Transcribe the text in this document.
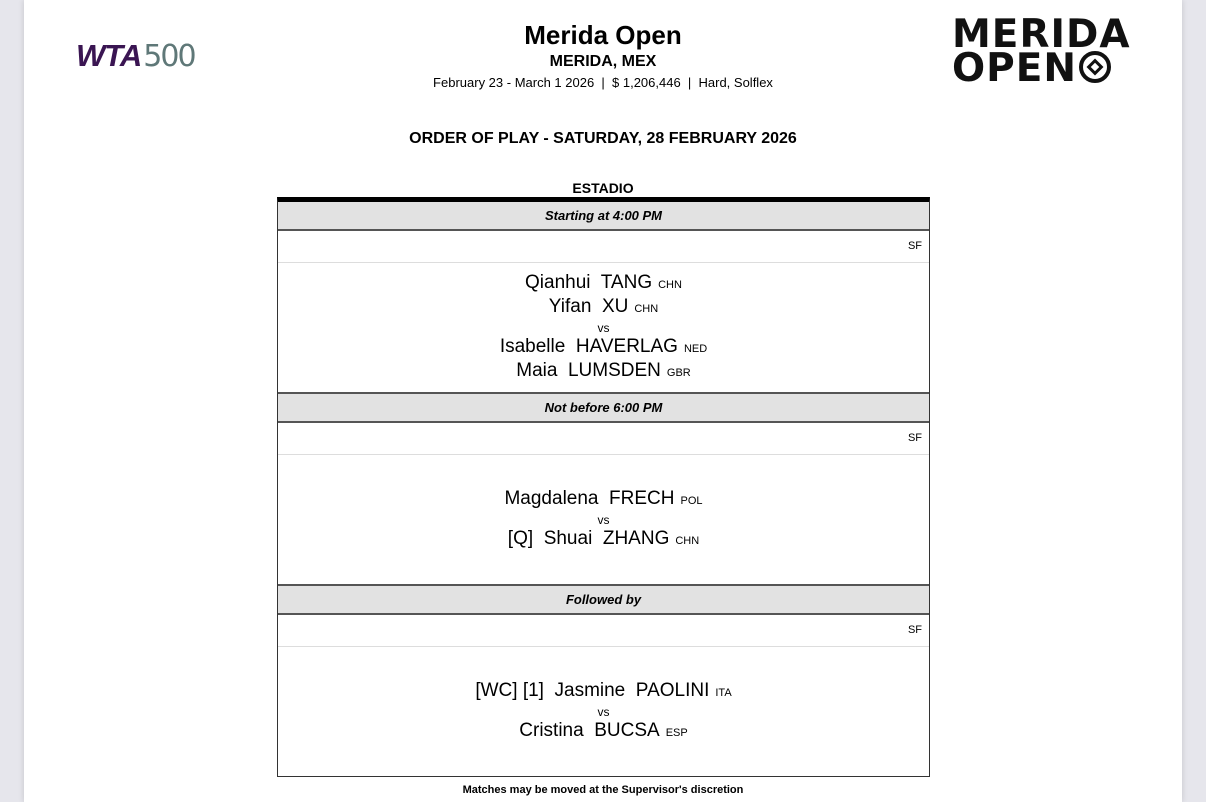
WTA500
Merida Open
MERIDA, MEX
February 23 - March 1 2026  |  $ 1,206,446  |  Hard, Solflex
MERIDA
OPEN
ORDER OF PLAY - SATURDAY, 28 FEBRUARY 2026
ESTADIO
Starting at 4:00 PM
SF
Qianhui  TANG CHN
Yifan  XU CHN
vs
Isabelle  HAVERLAG NED
Maia  LUMSDEN GBR
Not before 6:00 PM
SF
Magdalena  FRECH POL
vs
[Q]  Shuai  ZHANG CHN
Followed by
SF
[WC] [1]  Jasmine  PAOLINI ITA
vs
Cristina  BUCSA ESP
Matches may be moved at the Supervisor's discretion
